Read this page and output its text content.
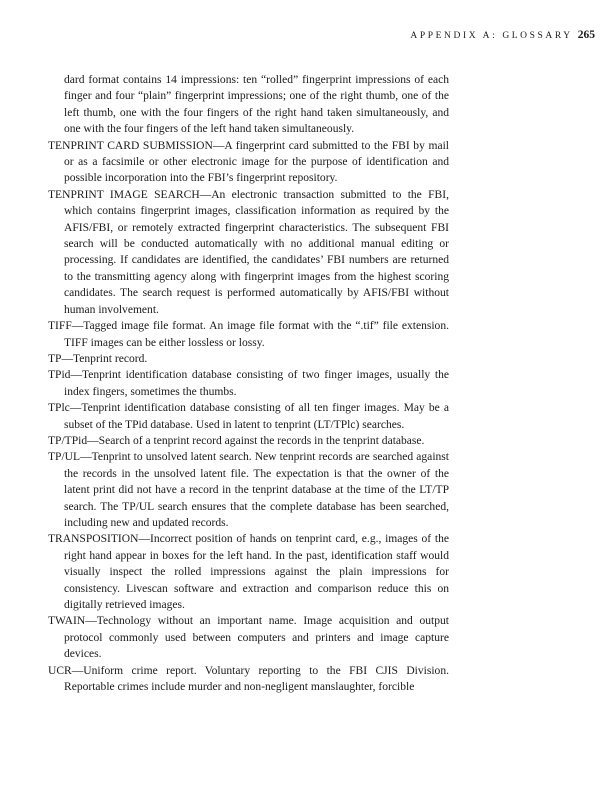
APPENDIX A: GLOSSARY 265

dard format contains 14 impressions: ten “rolled” fingerprint impressions of each finger and four “plain” fingerprint impressions; one of the right thumb, one of the left thumb, one with the four fingers of the right hand taken simultaneously, and one with the four fingers of the left hand taken simultaneously.

TENPRINT CARD SUBMISSION—A fingerprint card submitted to the FBI by mail or as a facsimile or other electronic image for the purpose of identification and possible incorporation into the FBI’s fingerprint repository.

TENPRINT IMAGE SEARCH—An electronic transaction submitted to the FBI, which contains fingerprint images, classification information as required by the AFIS/FBI, or remotely extracted fingerprint characteristics. The subsequent FBI search will be conducted automatically with no additional manual editing or processing. If candidates are identified, the candidates’ FBI numbers are returned to the transmitting agency along with fingerprint images from the highest scoring candidates. The search request is performed automatically by AFIS/FBI without human involvement.

TIFF—Tagged image file format. An image file format with the “.tif” file extension. TIFF images can be either lossless or lossy.

TP—Tenprint record.

TPid—Tenprint identification database consisting of two finger images, usually the index fingers, sometimes the thumbs.

TPlc—Tenprint identification database consisting of all ten finger images. May be a subset of the TPid database. Used in latent to tenprint (LT/TPlc) searches.

TP/TPid—Search of a tenprint record against the records in the tenprint database.

TP/UL—Tenprint to unsolved latent search. New tenprint records are searched against the records in the unsolved latent file. The expectation is that the owner of the latent print did not have a record in the tenprint database at the time of the LT/TP search. The TP/UL search ensures that the complete database has been searched, including new and updated records.

TRANSPOSITION—Incorrect position of hands on tenprint card, e.g., images of the right hand appear in boxes for the left hand. In the past, identification staff would visually inspect the rolled impressions against the plain impressions for consistency. Livescan software and extraction and comparison reduce this on digitally retrieved images.

TWAIN—Technology without an important name. Image acquisition and output protocol commonly used between computers and printers and image capture devices.

UCR—Uniform crime report. Voluntary reporting to the FBI CJIS Division. Reportable crimes include murder and non-negligent manslaughter, forcible
